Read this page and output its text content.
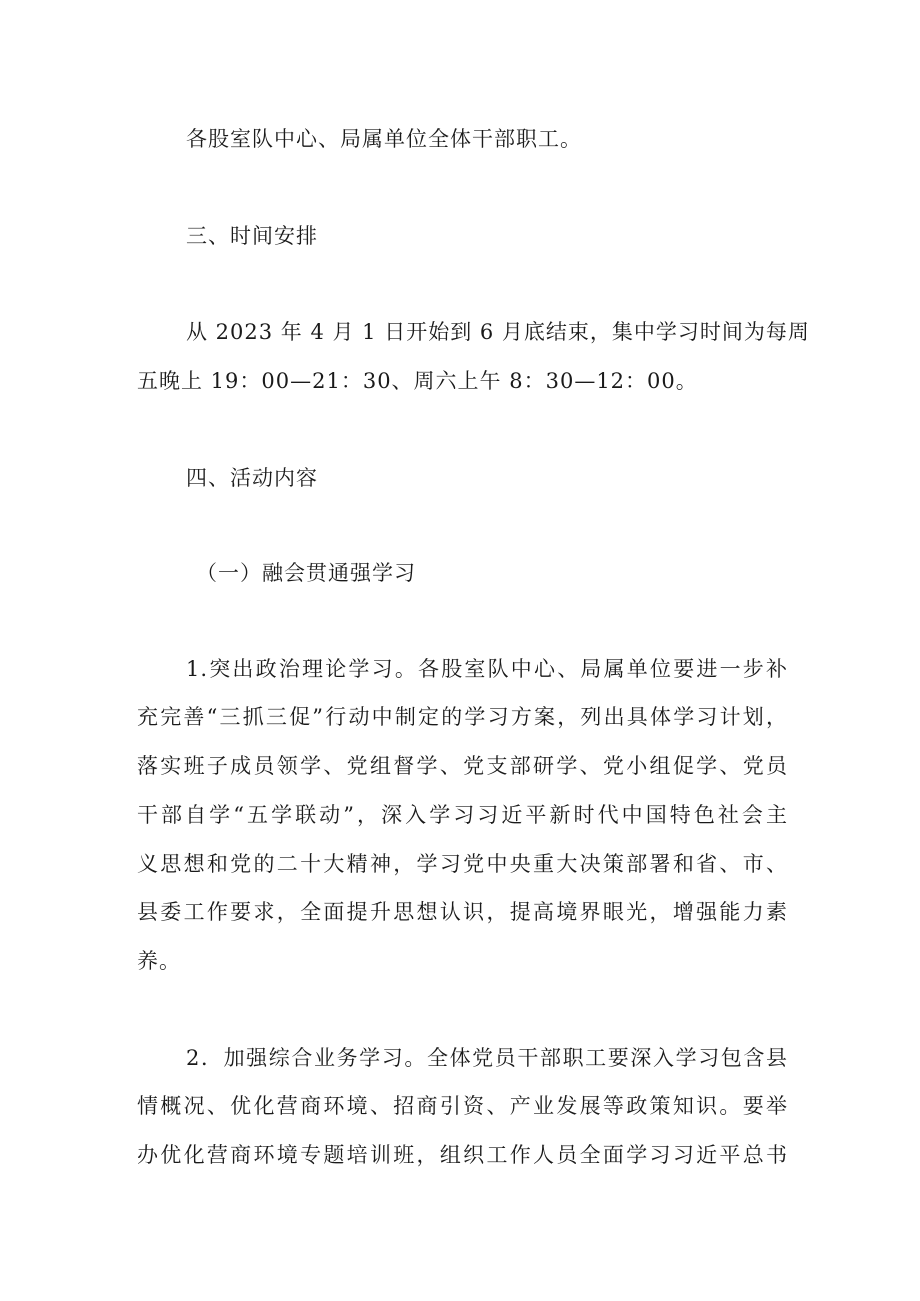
各股室队中心、局属单位全体干部职工。
三、时间安排
从 2023 年 4 月 1 日开始到 6 月底结束，集中学习时间为每周
五晚上 19：00—21：30、周六上午 8：30—12：00。
四、活动内容
（一）融会贯通强学习
1.突出政治理论学习。各股室队中心、局属单位要进一步补
充完善“三抓三促”行动中制定的学习方案，列出具体学习计划，
落实班子成员领学、党组督学、党支部研学、党小组促学、党员
干部自学“五学联动”，深入学习习近平新时代中国特色社会主
义思想和党的二十大精神，学习党中央重大决策部署和省、市、
县委工作要求，全面提升思想认识，提高境界眼光，增强能力素
养。
2．加强综合业务学习。全体党员干部职工要深入学习包含县
情概况、优化营商环境、招商引资、产业发展等政策知识。要举
办优化营商环境专题培训班，组织工作人员全面学习习近平总书
